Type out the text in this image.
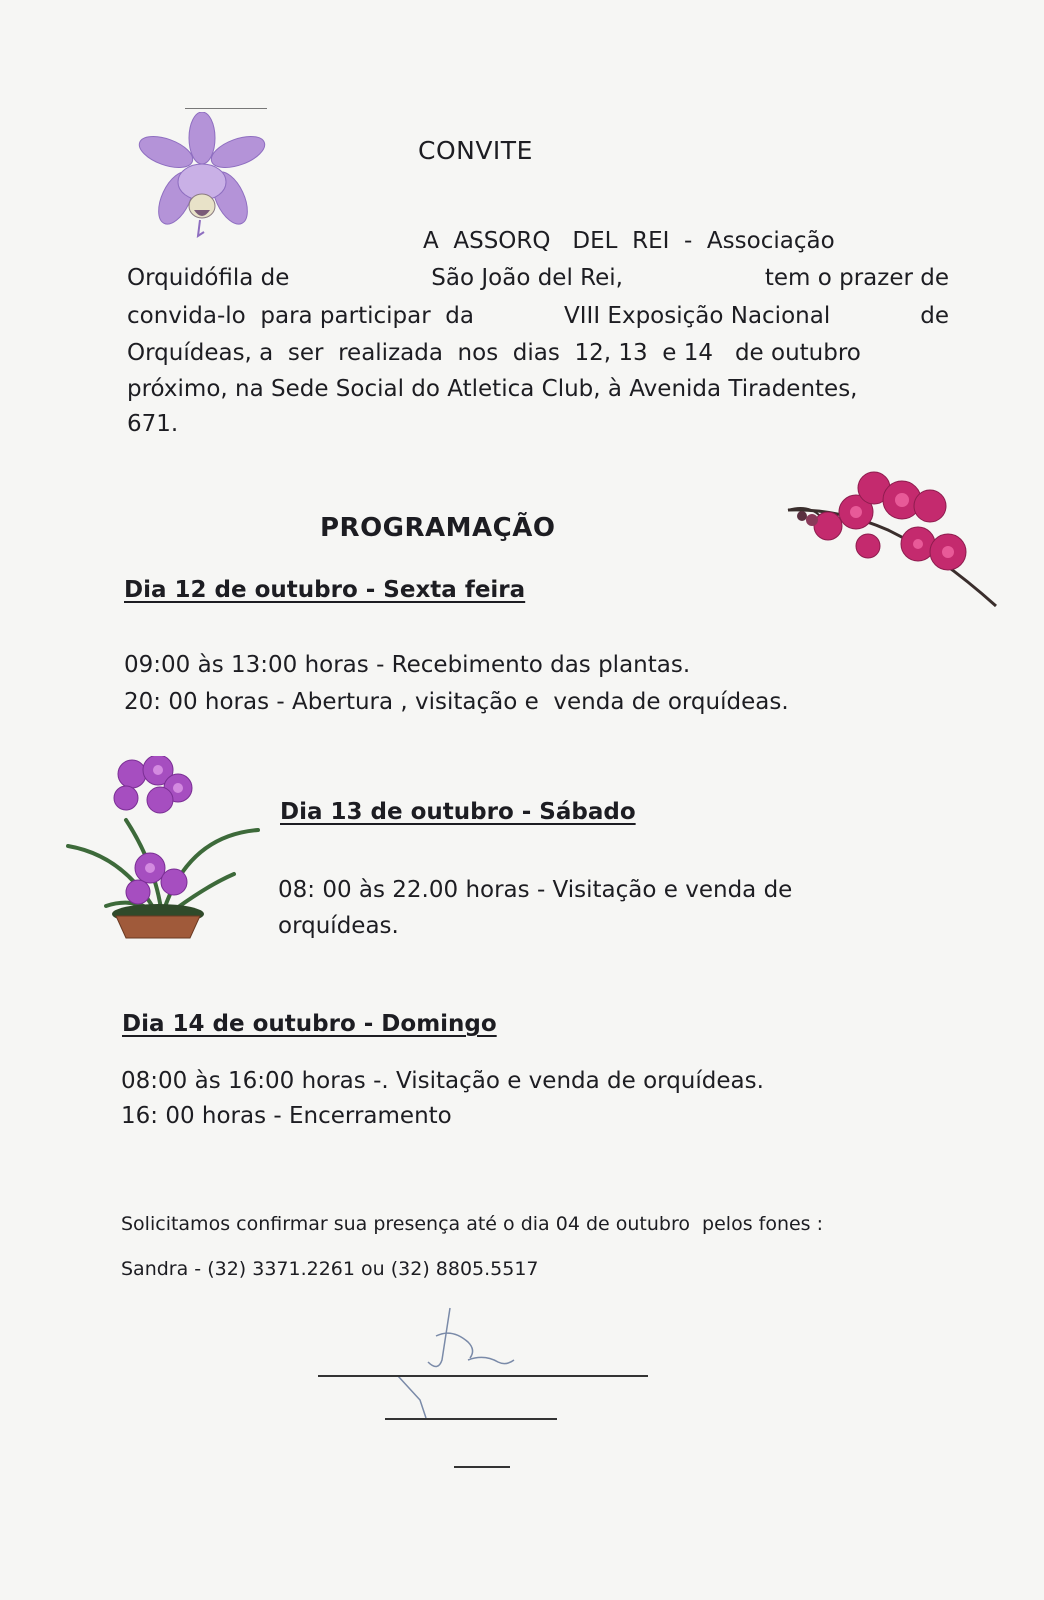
CONVITE
A  ASSORQ   DEL  REI  -  Associação
Orquidófila de	São João del Rei,	tem o prazer de
convida-lo  para participar  da	VIII Exposição Nacional	de
Orquídeas, a  ser  realizada  nos  dias  12, 13  e 14   de outubro
próximo, na Sede Social do Atletica Club, à Avenida Tiradentes,
671.
PROGRAMAÇÃO
Dia 12 de outubro - Sexta feira
09:00 às 13:00 horas - Recebimento das plantas.
20: 00 horas - Abertura , visitação e  venda de orquídeas.
Dia 13 de outubro - Sábado
08: 00 às 22.00 horas - Visitação e venda de
orquídeas.
Dia 14 de outubro - Domingo
08:00 às 16:00 horas -. Visitação e venda de orquídeas.
16: 00 horas - Encerramento
Solicitamos confirmar sua presença até o dia 04 de outubro  pelos fones :
Sandra - (32) 3371.2261 ou (32) 8805.5517
